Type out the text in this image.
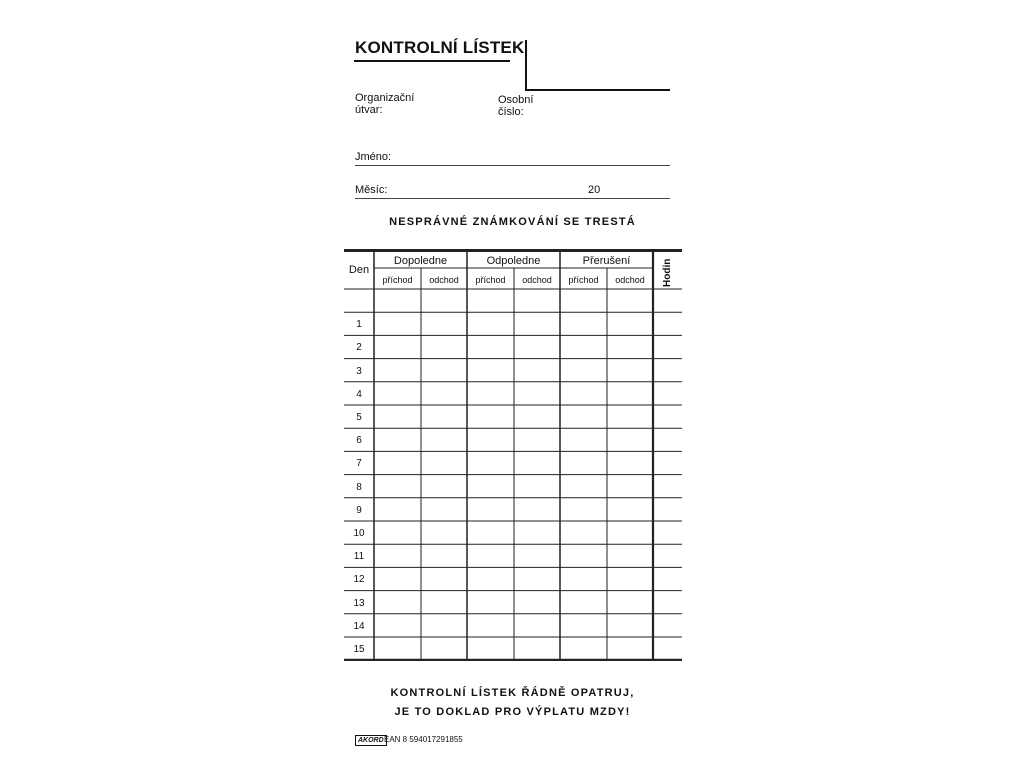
KONTROLNÍ LÍSTEK
Organizační
útvar:
Osobní
číslo:
Jméno:
Měsíc:	20
NESPRÁVNÉ ZNÁMKOVÁNÍ SE TRESTÁ
Den
Dopoledne	Odpoledne	Přerušení
příchod	odchod	příchod	odchod	příchod	odchod	Hodin
1
2
3
4
5
6
7
8
9
10
11
12
13
14
15
KONTROLNÍ LÍSTEK ŘÁDNĚ OPATRUJ,
JE TO DOKLAD PRO VÝPLATU MZDY!
AKORD EAN 8 594017291855
